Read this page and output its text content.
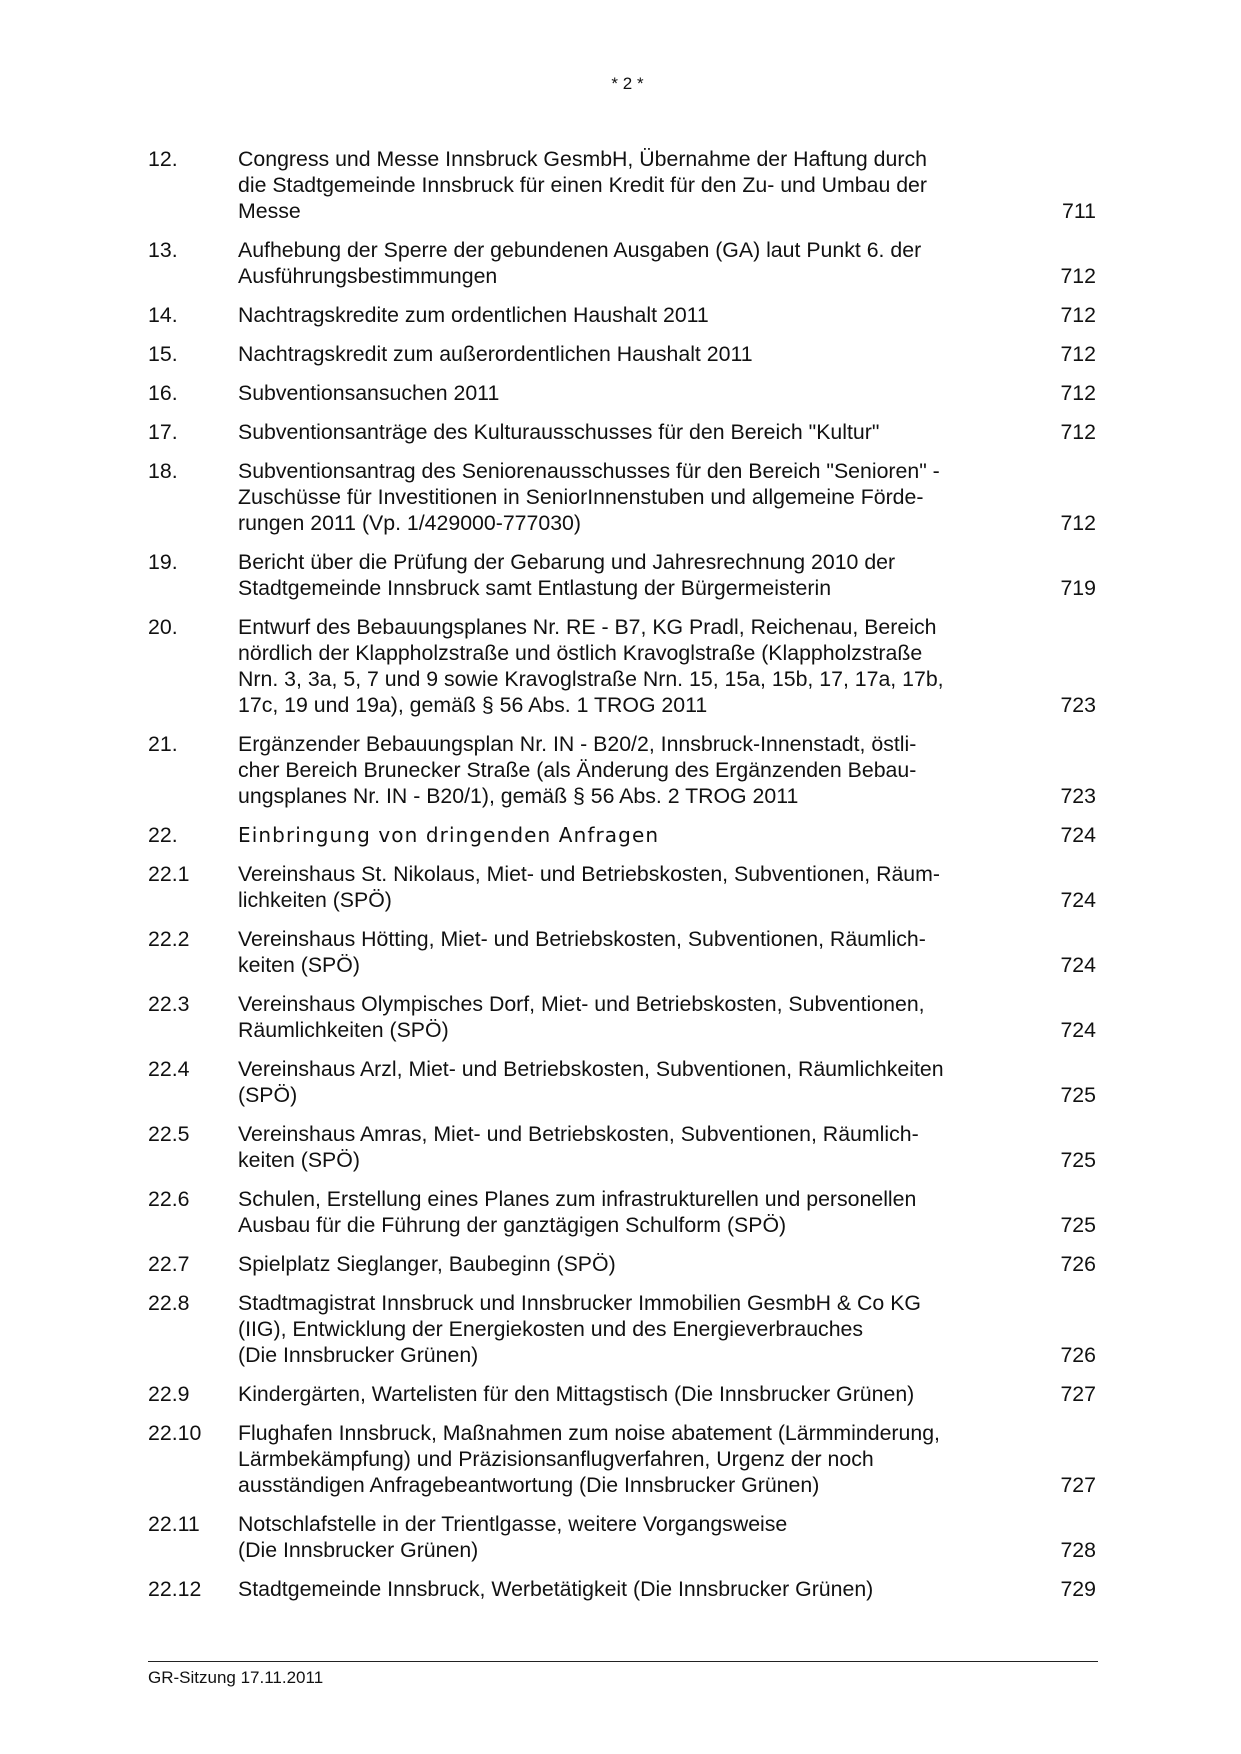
* 2 *
12.	Congress und Messe Innsbruck GesmbH, Übernahme der Haftung durch
die Stadtgemeinde Innsbruck für einen Kredit für den Zu- und Umbau der
Messe	711
13.	Aufhebung der Sperre der gebundenen Ausgaben (GA) laut Punkt 6. der
Ausführungsbestimmungen	712
14.	Nachtragskredite zum ordentlichen Haushalt 2011	712
15.	Nachtragskredit zum außerordentlichen Haushalt 2011	712
16.	Subventionsansuchen 2011	712
17.	Subventionsanträge des Kulturausschusses für den Bereich "Kultur"	712
18.	Subventionsantrag des Seniorenausschusses für den Bereich "Senioren" -
Zuschüsse für Investitionen in SeniorInnenstuben und allgemeine Förde-
rungen 2011 (Vp. 1/429000-777030)	712
19.	Bericht über die Prüfung der Gebarung und Jahresrechnung 2010 der
Stadtgemeinde Innsbruck samt Entlastung der Bürgermeisterin	719
20.	Entwurf des Bebauungsplanes Nr. RE - B7, KG Pradl, Reichenau, Bereich
nördlich der Klappholzstraße und östlich Kravoglstraße (Klappholzstraße
Nrn. 3, 3a, 5, 7 und 9 sowie Kravoglstraße Nrn. 15, 15a, 15b, 17, 17a, 17b,
17c, 19 und 19a), gemäß § 56 Abs. 1 TROG 2011	723
21.	Ergänzender Bebauungsplan Nr. IN - B20/2, Innsbruck-Innenstadt, östli-
cher Bereich Brunecker Straße (als Änderung des Ergänzenden Bebau-
ungsplanes Nr. IN - B20/1), gemäß § 56 Abs. 2 TROG 2011	723
22.	Einbringung von dringenden Anfragen	724
22.1	Vereinshaus St. Nikolaus, Miet- und Betriebskosten, Subventionen, Räum-
lichkeiten (SPÖ)	724
22.2	Vereinshaus Hötting, Miet- und Betriebskosten, Subventionen, Räumlich-
keiten (SPÖ)	724
22.3	Vereinshaus Olympisches Dorf, Miet- und Betriebskosten, Subventionen,
Räumlichkeiten (SPÖ)	724
22.4	Vereinshaus Arzl, Miet- und Betriebskosten, Subventionen, Räumlichkeiten
(SPÖ)	725
22.5	Vereinshaus Amras, Miet- und Betriebskosten, Subventionen, Räumlich-
keiten (SPÖ)	725
22.6	Schulen, Erstellung eines Planes zum infrastrukturellen und personellen
Ausbau für die Führung der ganztägigen Schulform (SPÖ)	725
22.7	Spielplatz Sieglanger, Baubeginn (SPÖ)	726
22.8	Stadtmagistrat Innsbruck und Innsbrucker Immobilien GesmbH & Co KG
(IIG), Entwicklung der Energiekosten und des Energieverbrauches
(Die Innsbrucker Grünen)	726
22.9	Kindergärten, Wartelisten für den Mittagstisch (Die Innsbrucker Grünen)	727
22.10	Flughafen Innsbruck, Maßnahmen zum noise abatement (Lärmminderung,
Lärmbekämpfung) und Präzisionsanflugverfahren, Urgenz der noch
ausständigen Anfragebeantwortung (Die Innsbrucker Grünen)	727
22.11	Notschlafstelle in der Trientlgasse, weitere Vorgangsweise
(Die Innsbrucker Grünen)	728
22.12	Stadtgemeinde Innsbruck, Werbetätigkeit (Die Innsbrucker Grünen)	729
GR-Sitzung 17.11.2011
